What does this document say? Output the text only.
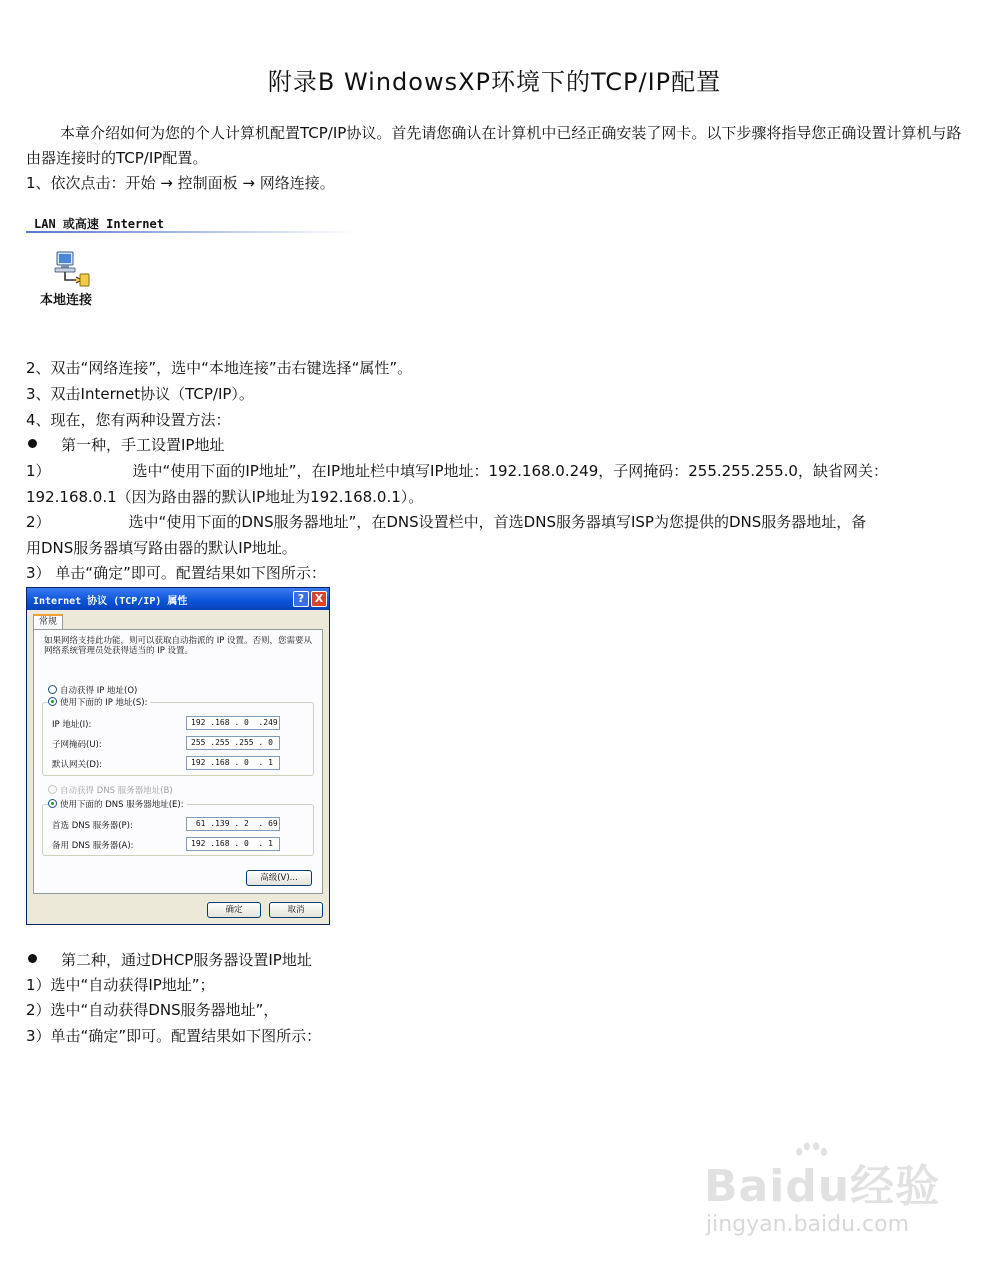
附录B WindowsXP环境下的TCP/IP配置
本章介绍如何为您的个人计算机配置TCP/IP协议。首先请您确认在计算机中已经正确安装了网卡。以下步骤将指导您正确设置计算机与路由器连接时的TCP/IP配置。
1、依次点击：开始 → 控制面板 → 网络连接。
LAN 或高速 Internet
本地连接
2、双击“网络连接”，选中“本地连接”击右键选择“属性”。
3、双击Internet协议（TCP/IP）。
4、现在，您有两种设置方法：
第一种，手工设置IP地址
1）	选中“使用下面的IP地址”，在IP地址栏中填写IP地址：192.168.0.249，子网掩码：255.255.255.0，缺省网关：
192.168.0.1（因为路由器的默认IP地址为192.168.0.1）。
2）	选中“使用下面的DNS服务器地址”，在DNS设置栏中，首选DNS服务器填写ISP为您提供的DNS服务器地址，备
用DNS服务器填写路由器的默认IP地址。
3） 单击“确定”即可。配置结果如下图所示：
Internet 协议 (TCP/IP) 属性	? X
常规
如果网络支持此功能，则可以获取自动指派的 IP 设置。否则，您需要从网络系统管理员处获得适当的 IP 设置。
自动获得 IP 地址(O)
使用下面的 IP 地址(S):
IP 地址(I):	192 .168 . 0  .249
子网掩码(U):	255 .255 .255 . 0
默认网关(D):	192 .168 . 0  . 1
自动获得 DNS 服务器地址(B)
使用下面的 DNS 服务器地址(E):
首选 DNS 服务器(P):	61 .139 . 2  . 69
备用 DNS 服务器(A):	192 .168 . 0  . 1
高级(V)...
确定	取消
第二种，通过DHCP服务器设置IP地址
1）选中“自动获得IP地址”；
2）选中“自动获得DNS服务器地址”，
3）单击“确定”即可。配置结果如下图所示：
Baidu经验
jingyan.baidu.com
